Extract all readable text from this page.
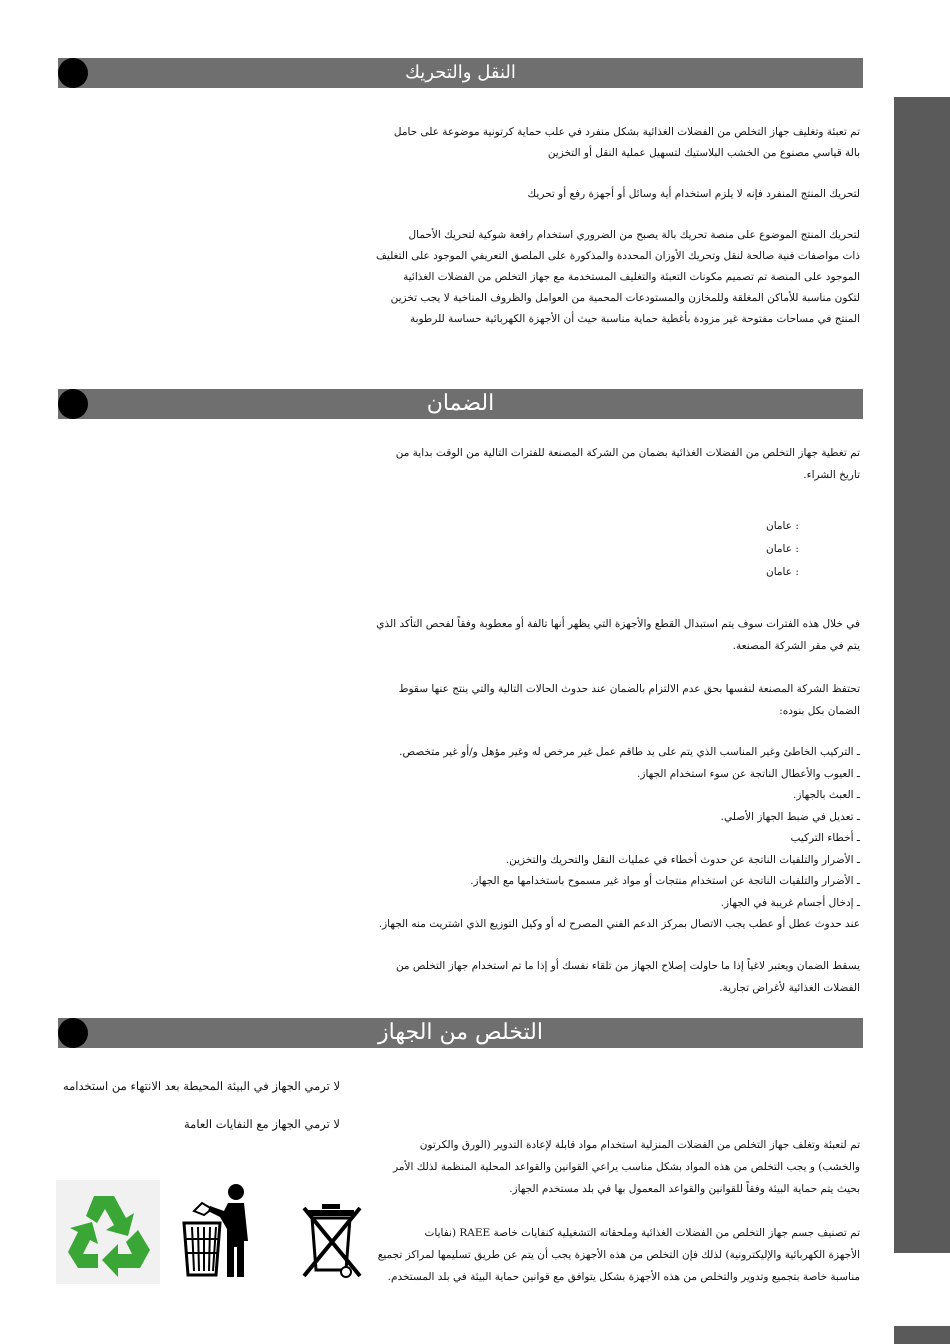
النقل والتحريك
تم تعبئة وتغليف جهاز التخلص من الفضلات الغذائية بشكل منفرد في علب حماية كرتونية موضوعة على حامل
بالة قياسي مصنوع من الخشب البلاستيك لتسهيل عملية النقل أو التخزين
لتحريك المنتج المنفرد فإنه لا يلزم استخدام أية وسائل أو أجهزة رفع أو تحريك
لتحريك المنتج الموضوع على منصة تحريك بالة يصبح من الضروري استخدام رافعة شوكية لتحريك الأحمال
ذات مواصفات فنية صالحة لنقل وتحريك الأوزان المحددة والمذكورة على الملصق التعريفي الموجود على التغليف
الموجود على المنصة تم تصميم مكونات التعبئة والتغليف المستخدمة مع جهاز التخلص من الفضلات الغذائية
لتكون مناسبة للأماكن المغلقة وللمخازن والمستودعات المحمية من العوامل والظروف المناخية لا يجب تخزين
المنتج في مساحات مفتوحة غير مزودة بأغطية حماية مناسبة حيث أن الأجهزة الكهربائية حساسة للرطوبة
الضمان
تم تغطية جهاز التخلص من الفضلات الغذائية بضمان من الشركة المصنعة للفترات التالية من الوقت بداية من
تاريخ الشراء.
: عامان
: عامان
: عامان
في خلال هذه الفترات سوف يتم استبدال القطع والأجهزة التي يظهر أنها تالفة أو معطوبة وفقاً لفحص التأكد الذي
يتم في مقر الشركة المصنعة.
تحتفظ الشركة المصنعة لنفسها بحق عدم الالتزام بالضمان عند حدوث الحالات التالية والتي ينتج عنها سقوط
الضمان بكل بنوده:
ـ التركيب الخاطئ وغير المناسب الذي يتم على يد طاقم عمل غير مرخص له وغير مؤهل و/أو غير متخصص.
ـ العيوب والأعطال الناتجة عن سوء استخدام الجهاز.
ـ العبث بالجهاز.
ـ تعديل في ضبط الجهاز الأصلي.
ـ أخطاء التركيب
ـ الأضرار والتلفيات الناتجة عن حدوث أخطاء في عمليات النقل والتحريك والتخزين.
ـ الأضرار والتلفيات الناتجة عن استخدام منتجات أو مواد غير مسموح باستخدامها مع الجهاز.
ـ إدخال أجسام غريبة في الجهاز.
عند حدوث عطل أو عطب يجب الاتصال بمركز الدعم الفني المصرح له أو وكيل التوزيع الذي اشتريت منه الجهاز.
يسقط الضمان ويعتبر لاغياً إذا ما حاولت إصلاح الجهاز من تلقاء نفسك أو إذا ما تم استخدام جهاز التخلص من
الفضلات الغذائية لأغراض تجارية.
التخلص من الجهاز
لا ترمي الجهاز في البيئة المحيطة بعد الانتهاء من استخدامه
لا ترمي الجهاز مع النفايات العامة
تم لتعبئة وتغلف جهاز التخلص من الفضلات المنزلية استخدام مواد قابلة لإعادة التدوير (الورق والكرتون
والخشب) و يجب التخلص من هذه المواد بشكل مناسب يراعي القوانين والقواعد المحلية المنظمة لذلك الأمر
بحيث يتم حماية البيئة وفقاً للقوانين والقواعد المعمول بها في بلد مستخدم الجهاز.
تم تصنيف جسم جهاز التخلص من الفضلات الغذائية وملحقاته التشغيلية كنفايات خاصة RAEE (نفايات
الأجهزة الكهربائية والإليكترونية) لذلك فإن التخلص من هذه الأجهزة يجب أن يتم عن طريق تسليمها لمراكز تجميع
مناسبة خاصة بتجميع وتدوير والتخلص من هذه الأجهزة بشكل يتوافق مع قوانين حماية البيئة في بلد المستخدم.
